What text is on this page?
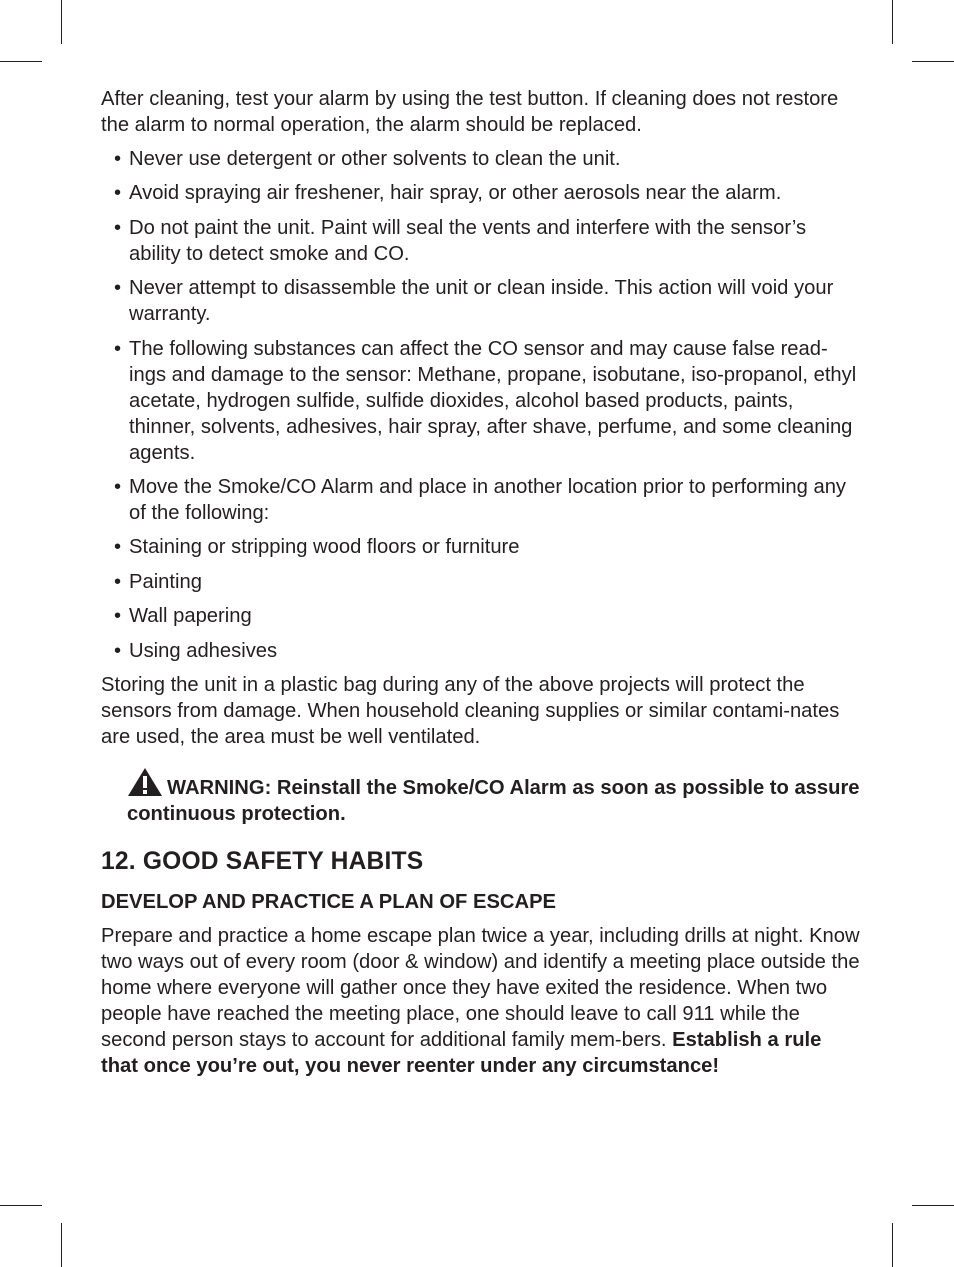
After cleaning, test your alarm by using the test button. If cleaning does not restore the alarm to normal operation, the alarm should be replaced.

• Never use detergent or other solvents to clean the unit.
• Avoid spraying air freshener, hair spray, or other aerosols near the alarm.
• Do not paint the unit. Paint will seal the vents and interfere with the sensor’s ability to detect smoke and CO.
• Never attempt to disassemble the unit or clean inside. This action will void your warranty.
• The following substances can affect the CO sensor and may cause false read-ings and damage to the sensor: Methane, propane, isobutane, iso-propanol, ethyl acetate, hydrogen sulfide, sulfide dioxides, alcohol based products, paints, thinner, solvents, adhesives, hair spray, after shave, perfume, and some cleaning agents.
• Move the Smoke/CO Alarm and place in another location prior to performing any of the following:
• Staining or stripping wood floors or furniture
• Painting
• Wall papering
• Using adhesives

Storing the unit in a plastic bag during any of the above projects will protect the sensors from damage. When household cleaning supplies or similar contami-nates are used, the area must be well ventilated.

WARNING: Reinstall the Smoke/CO Alarm as soon as possible to assure continuous protection.
12. GOOD SAFETY HABITS
DEVELOP AND PRACTICE A PLAN OF ESCAPE

Prepare and practice a home escape plan twice a year, including drills at night. Know two ways out of every room (door & window) and identify a meeting place outside the home where everyone will gather once they have exited the residence. When two people have reached the meeting place, one should leave to call 911 while the second person stays to account for additional family mem-bers. Establish a rule that once you’re out, you never reenter under any circumstance!
